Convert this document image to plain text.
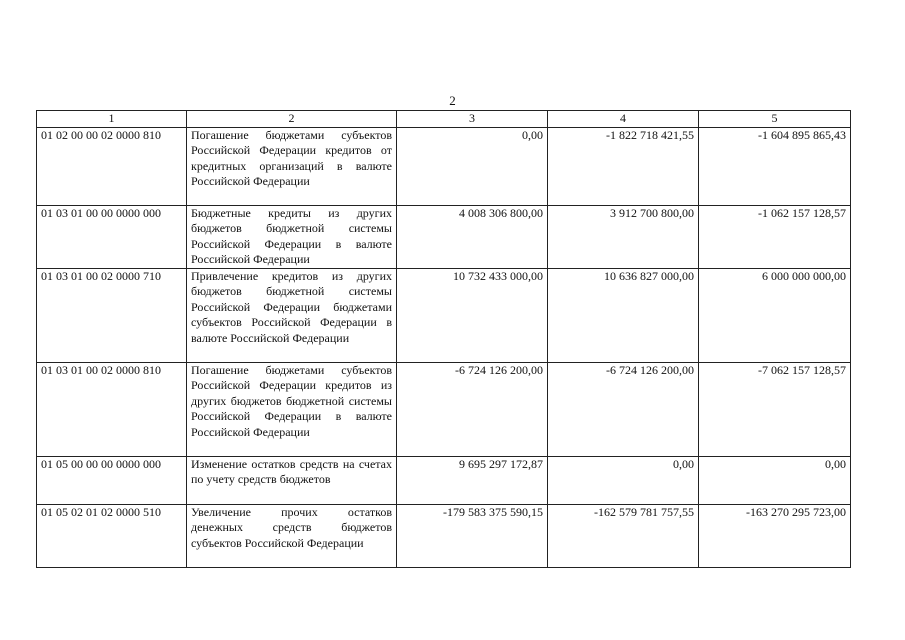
2
1	2	3	4	5
01 02 00 00 02 0000 810	Погашение бюджетами субъектов Российской Федерации кредитов от кредитных организаций в валюте Российской Федерации	0,00	-1 822 718 421,55	-1 604 895 865,43
01 03 01 00 00 0000 000	Бюджетные кредиты из других бюджетов бюджетной системы Российской Федерации в валюте Российской Федерации	4 008 306 800,00	3 912 700 800,00	-1 062 157 128,57
01 03 01 00 02 0000 710	Привлечение кредитов из других бюджетов бюджетной системы Российской Федерации бюджетами субъектов Российской Федерации в валюте Российской Федерации	10 732 433 000,00	10 636 827 000,00	6 000 000 000,00
01 03 01 00 02 0000 810	Погашение бюджетами субъектов Российской Федерации кредитов из других бюджетов бюджетной системы Российской Федерации в валюте Российской Федерации	-6 724 126 200,00	-6 724 126 200,00	-7 062 157 128,57
01 05 00 00 00 0000 000	Изменение остатков средств на счетах по учету средств бюджетов	9 695 297 172,87	0,00	0,00
01 05 02 01 02 0000 510	Увеличение прочих остатков денежных средств бюджетов субъектов Российской Федерации	-179 583 375 590,15	-162 579 781 757,55	-163 270 295 723,00
